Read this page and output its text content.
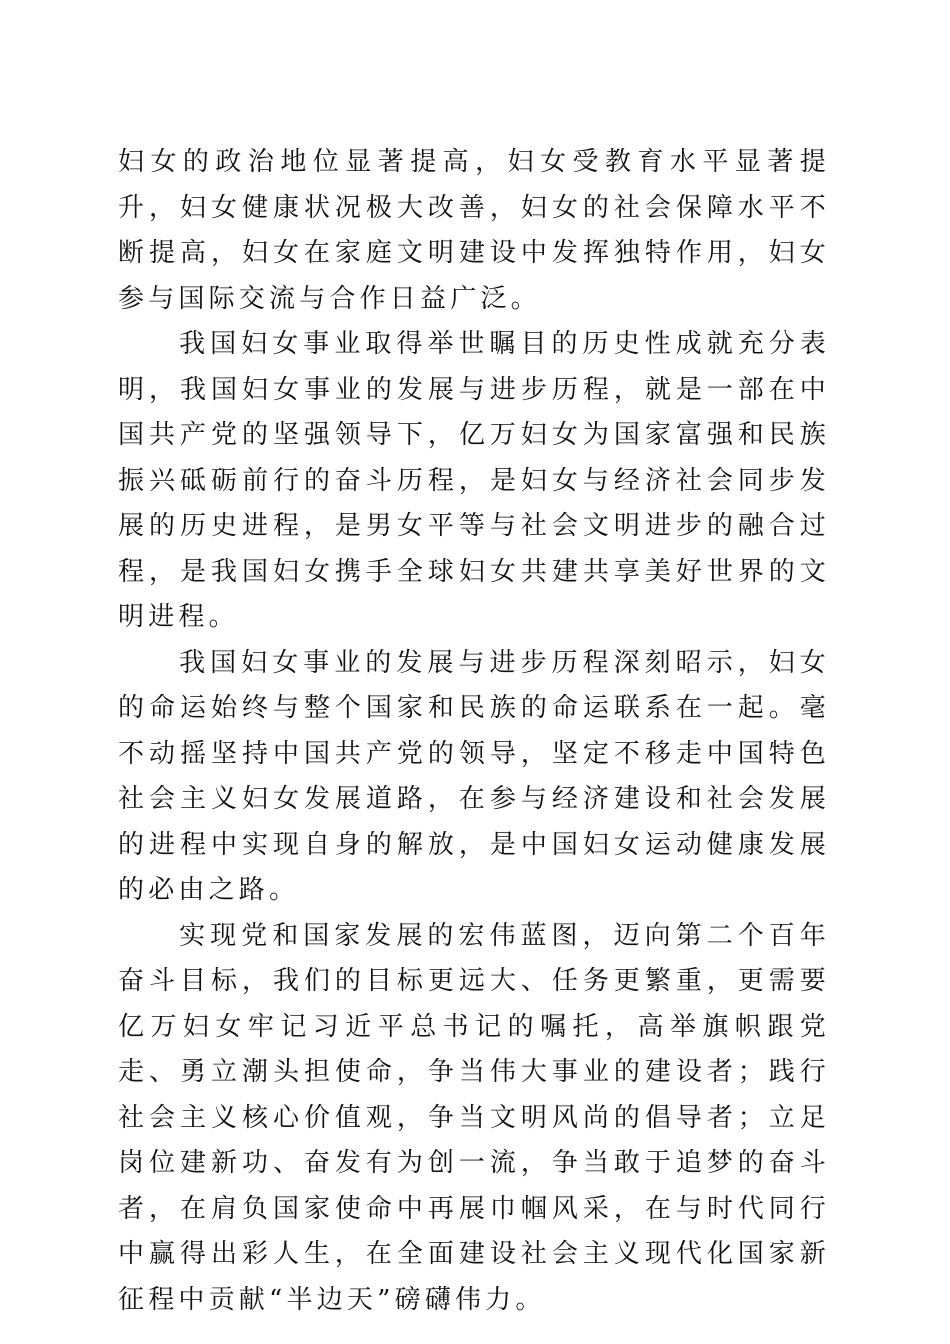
妇女的政治地位显著提高，妇女受教育水平显著提升，妇女健康状况极大改善，妇女的社会保障水平不断提高，妇女在家庭文明建设中发挥独特作用，妇女参与国际交流与合作日益广泛。

我国妇女事业取得举世瞩目的历史性成就充分表明，我国妇女事业的发展与进步历程，就是一部在中国共产党的坚强领导下，亿万妇女为国家富强和民族振兴砥砺前行的奋斗历程，是妇女与经济社会同步发展的历史进程，是男女平等与社会文明进步的融合过程，是我国妇女携手全球妇女共建共享美好世界的文明进程。

我国妇女事业的发展与进步历程深刻昭示，妇女的命运始终与整个国家和民族的命运联系在一起。毫不动摇坚持中国共产党的领导，坚定不移走中国特色社会主义妇女发展道路，在参与经济建设和社会发展的进程中实现自身的解放，是中国妇女运动健康发展的必由之路。

实现党和国家发展的宏伟蓝图，迈向第二个百年奋斗目标，我们的目标更远大、任务更繁重，更需要亿万妇女牢记习近平总书记的嘱托，高举旗帜跟党走、勇立潮头担使命，争当伟大事业的建设者；践行社会主义核心价值观，争当文明风尚的倡导者；立足岗位建新功、奋发有为创一流，争当敢于追梦的奋斗者，在肩负国家使命中再展巾帼风采，在与时代同行中赢得出彩人生，在全面建设社会主义现代化国家新征程中贡献“半边天”磅礴伟力。
